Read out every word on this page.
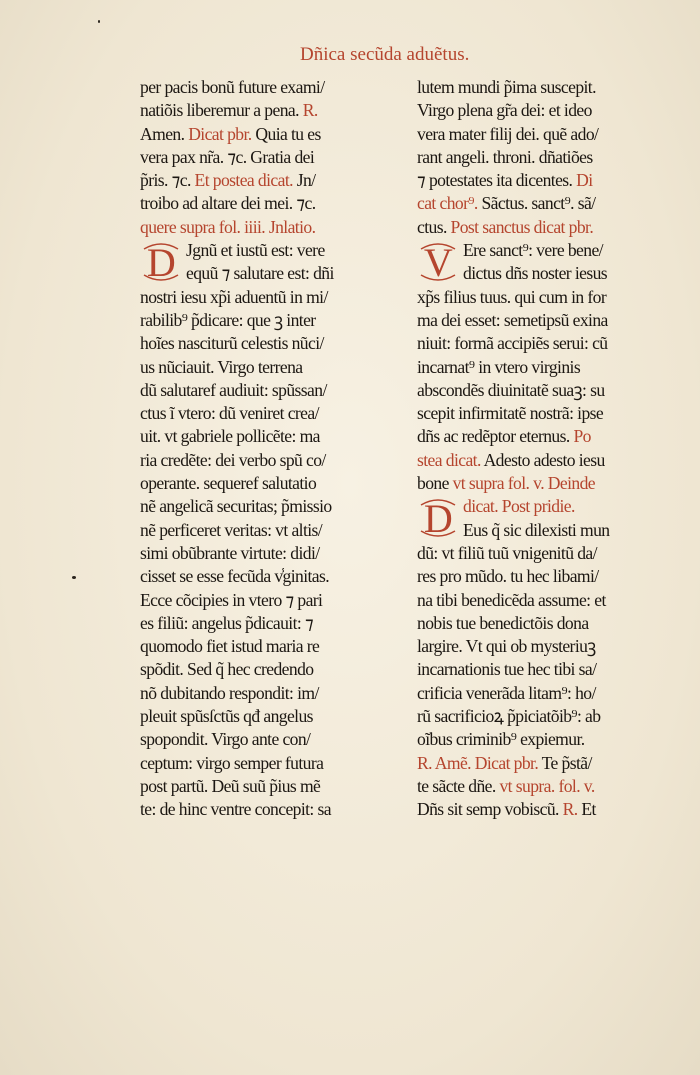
Dñica secũda aduẽtus.
per pacis bonũ future exami/
natiõis liberemur a pena. R.
Amen. Dicat pbr. Quia tu es
vera pax nr̃a. ⁊c. Gratia dei
p̃ris. ⁊c. Et postea dicat. Jn/
troibo ad altare dei mei. ⁊c.
quere supra fol. iiii. Jnlatio.
D Jgnũ et iustũ est: vere
equũ ⁊ salutare est: dñi
nostri iesu xp̃i aduentũ in mi/
rabilib⁹ p̃dicare: que ꝫ inter
hoĩes nasciturũ celestis nũci/
us nũciauit. Virgo terrena
dũ salutaref audiuit: spũssan/
ctus ĩ vtero: dũ veniret crea/
uit. vt gabriele pollicẽte: ma
ria credẽte: dei verbo spũ co/
operante. sequeref salutatio
nẽ angelicã securitas; p̃missio
nẽ perficeret veritas: vt altis/
simi obũbrante virtute: didi/
cisset se esse fecũda v̾ginitas.
Ecce cõcipies in vtero ⁊ pari
es filiũ: angelus p̃dicauit: ⁊
quomodo fiet istud maria re
spõdit. Sed q̃ hec credendo
nõ dubitando respondit: im/
pleuit spũsſctũs qđ angelus
spopondit. Virgo ante con/
ceptum: virgo semper futura
post partũ. Deũ suũ p̃ius mẽ
te: de hinc ventre concepit: sa
lutem mundi p̃ima suscepit.
Virgo plena gr̃a dei: et ideo
vera mater filij dei. quẽ ado/
rant angeli. throni. dñatiões
⁊ potestates ita dicentes. Di
cat chor⁹. Sãctus. sanct⁹. sã/
ctus. Post sanctus dicat pbr.
V Ere sanct⁹: vere bene/
dictus dñs noster iesus
xp̃s filius tuus. qui cum in for
ma dei esset: semetipsũ exina
niuit: formã accipiẽs serui: cũ
incarnat⁹ in vtero virginis
abscondẽs diuinitatẽ suaꝫ: su
scepit infirmitatẽ nostrã: ipse
dñs ac redẽptor eternus. Po
stea dicat. Adesto adesto iesu
bone vt supra fol. v. Deinde
D dicat. Post pridie.
Eus q̃ sic dilexisti mun
dũ: vt filiũ tuũ vnigenitũ da/
res pro mũdo. tu hec libami/
na tibi benedicẽda assume: et
nobis tue benedictõis dona
largire. Vt qui ob mysteriuꝫ
incarnationis tue hec tibi sa/
crificia venerãda litam⁹: ho/
rũ sacrificioꝝ p̃piciatõib⁹: ab
oĩbus criminib⁹ expiemur.
R. Amẽ. Dicat pbr. Te p̃stã/
te sãcte dñe. vt supra. fol. v.
Dñs sit semp vobiscũ. R. Et
